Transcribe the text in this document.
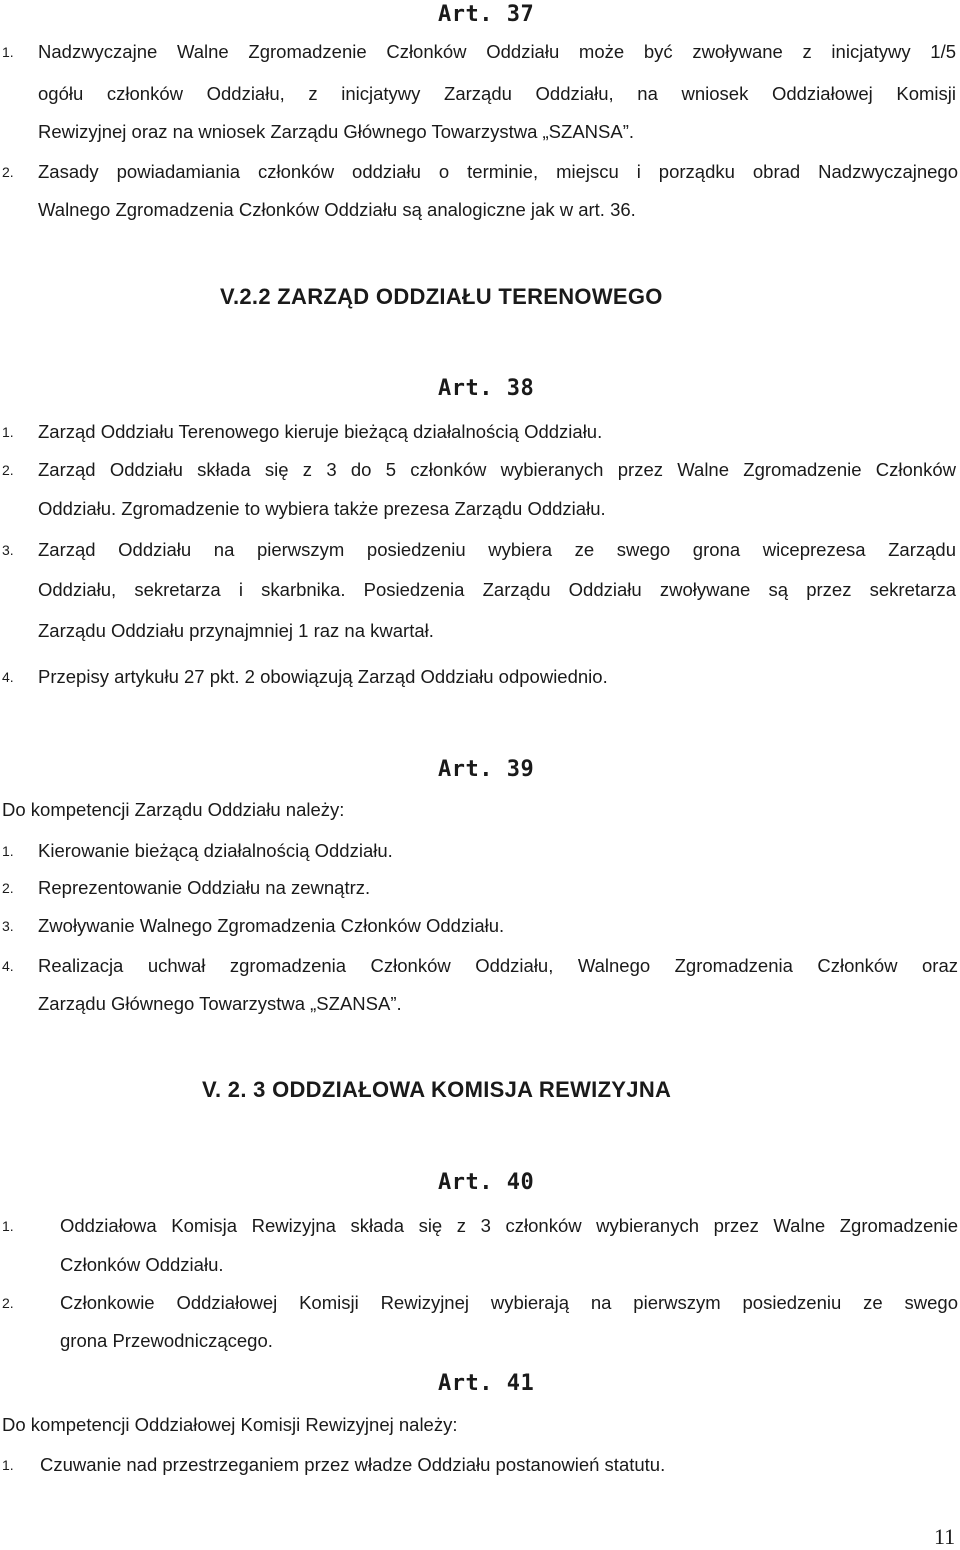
Art. 37
1. Nadzwyczajne Walne Zgromadzenie Członków Oddziału może być zwoływane z inicjatywy 1/5
ogółu członków Oddziału, z inicjatywy Zarządu Oddziału, na wniosek Oddziałowej Komisji
Rewizyjnej oraz na wniosek Zarządu Głównego Towarzystwa „SZANSA”.
2. Zasady powiadamiania członków oddziału o terminie, miejscu i porządku obrad Nadzwyczajnego
Walnego Zgromadzenia Członków Oddziału są analogiczne jak w art. 36.
V.2.2 ZARZĄD ODDZIAŁU TERENOWEGO
Art. 38
1. Zarząd Oddziału Terenowego kieruje bieżącą działalnością Oddziału.
2. Zarząd Oddziału składa się z 3 do 5 członków wybieranych przez Walne Zgromadzenie Członków
Oddziału. Zgromadzenie to wybiera także prezesa Zarządu Oddziału.
3. Zarząd Oddziału na pierwszym posiedzeniu wybiera ze swego grona wiceprezesa Zarządu
Oddziału, sekretarza i skarbnika. Posiedzenia Zarządu Oddziału zwoływane są przez sekretarza
Zarządu Oddziału przynajmniej 1 raz na kwartał.
4. Przepisy artykułu 27 pkt. 2 obowiązują Zarząd Oddziału odpowiednio.
Art. 39
Do kompetencji Zarządu Oddziału należy:
1. Kierowanie bieżącą działalnością Oddziału.
2. Reprezentowanie Oddziału na zewnątrz.
3. Zwoływanie Walnego Zgromadzenia Członków Oddziału.
4. Realizacja uchwał zgromadzenia Członków Oddziału, Walnego Zgromadzenia Członków oraz
Zarządu Głównego Towarzystwa „SZANSA”.
V. 2. 3 ODDZIAŁOWA KOMISJA REWIZYJNA
Art. 40
1.	Oddziałowa Komisja Rewizyjna składa się z 3 członków wybieranych przez Walne Zgromadzenie
Członków Oddziału.
2.	Członkowie Oddziałowej Komisji Rewizyjnej wybierają na pierwszym posiedzeniu ze swego
grona Przewodniczącego.
Art. 41
Do kompetencji Oddziałowej Komisji Rewizyjnej należy:
1. Czuwanie nad przestrzeganiem przez władze Oddziału postanowień statutu.
11
